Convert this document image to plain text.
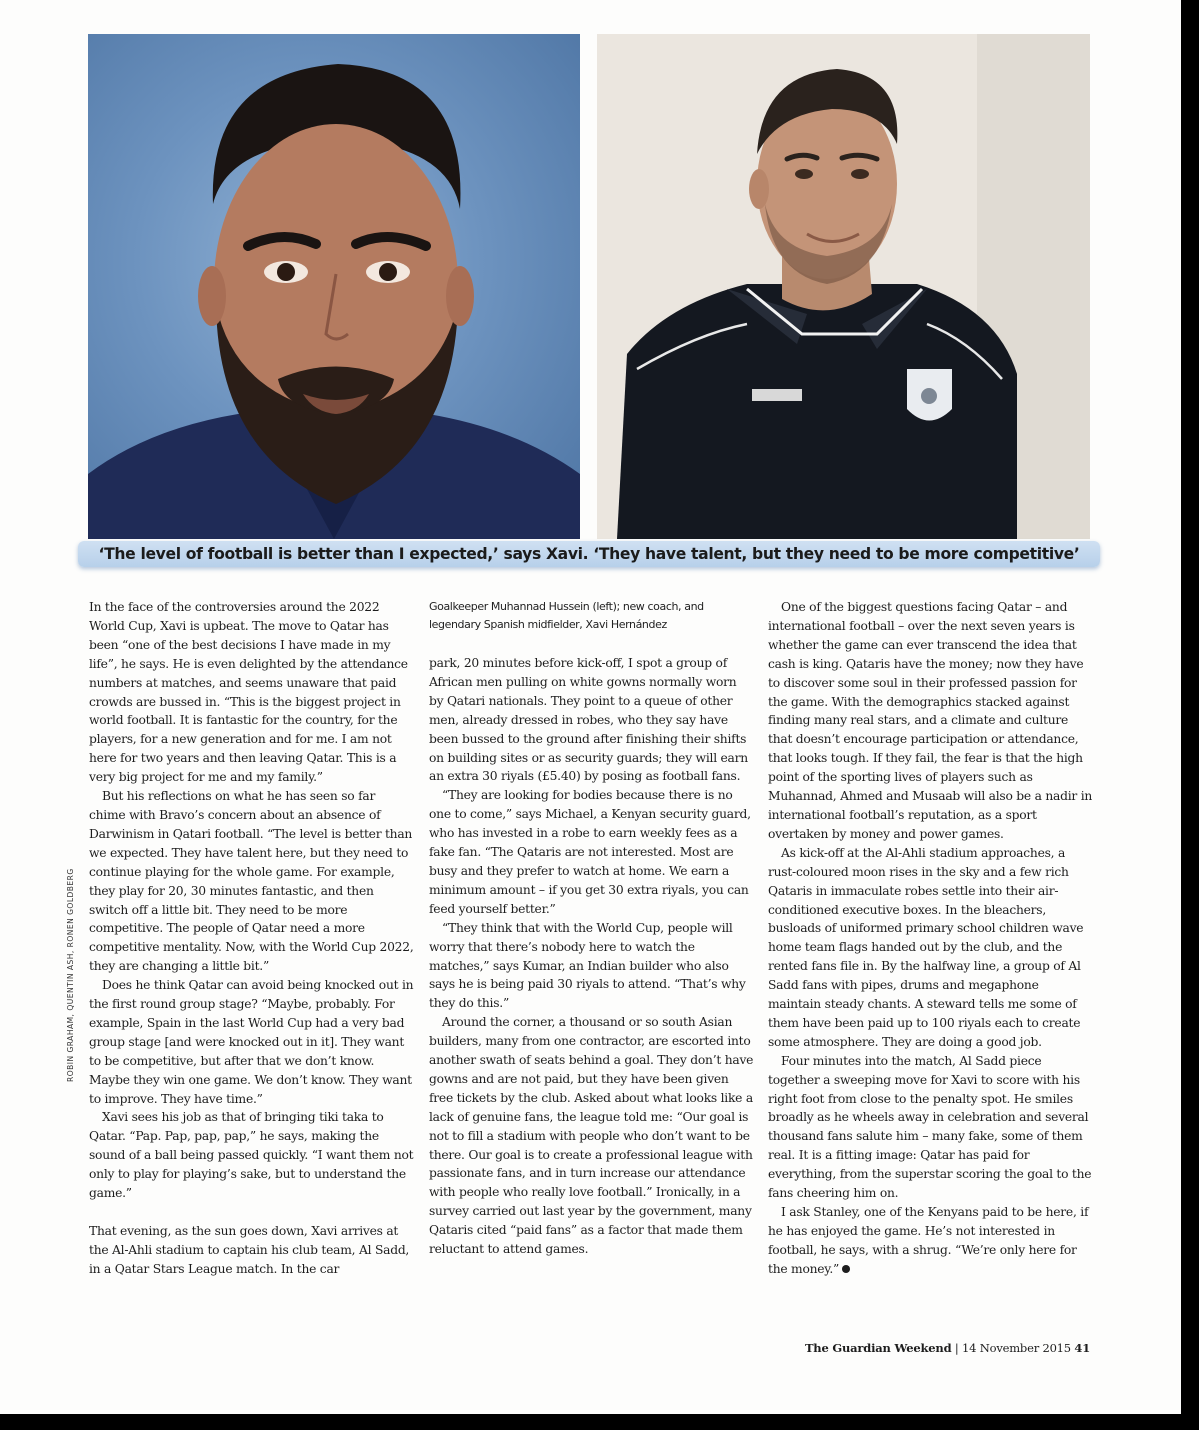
‘The level of football is better than I expected,’ says Xavi. ‘They have talent, but they need to be more competitive’
ROBIN GRAHAM, QUENTIN ASH, RONEN GOLDBERG

In the face of the controversies around the 2022 World Cup, Xavi is upbeat. The move to Qatar has been “one of the best decisions I have made in my life”, he says. He is even delighted by the attendance numbers at matches, and seems unaware that paid crowds are bussed in. “This is the biggest project in world football. It is fantastic for the country, for the players, for a new generation and for me. I am not here for two years and then leaving Qatar. This is a very big project for me and my family.”

But his reflections on what he has seen so far chime with Bravo’s concern about an absence of Darwinism in Qatari football. “The level is better than we expected. They have talent here, but they need to continue playing for the whole game. For example, they play for 20, 30 minutes fantastic, and then switch off a little bit. They need to be more competitive. The people of Qatar need a more competitive mentality. Now, with the World Cup 2022, they are changing a little bit.”

Does he think Qatar can avoid being knocked out in the first round group stage? “Maybe, probably. For example, Spain in the last World Cup had a very bad group stage [and were knocked out in it]. They want to be competitive, but after that we don’t know. Maybe they win one game. We don’t know. They want to improve. They have time.”

Xavi sees his job as that of bringing tiki taka to Qatar. “Pap. Pap, pap, pap,” he says, making the sound of a ball being passed quickly. “I want them not only to play for playing’s sake, but to understand the game.”

That evening, as the sun goes down, Xavi arrives at the Al-Ahli stadium to captain his club team, Al Sadd, in a Qatar Stars League match. In the car

Goalkeeper Muhannad Hussein (left); new coach, and legendary Spanish midfielder, Xavi Hernández

park, 20 minutes before kick-off, I spot a group of African men pulling on white gowns normally worn by Qatari nationals. They point to a queue of other men, already dressed in robes, who they say have been bussed to the ground after finishing their shifts on building sites or as security guards; they will earn an extra 30 riyals (£5.40) by posing as football fans.

“They are looking for bodies because there is no one to come,” says Michael, a Kenyan security guard, who has invested in a robe to earn weekly fees as a fake fan. “The Qataris are not interested. Most are busy and they prefer to watch at home. We earn a minimum amount – if you get 30 extra riyals, you can feed yourself better.”

“They think that with the World Cup, people will worry that there’s nobody here to watch the matches,” says Kumar, an Indian builder who also says he is being paid 30 riyals to attend. “That’s why they do this.”

Around the corner, a thousand or so south Asian builders, many from one contractor, are escorted into another swath of seats behind a goal. They don’t have gowns and are not paid, but they have been given free tickets by the club. Asked about what looks like a lack of genuine fans, the league told me: “Our goal is not to fill a stadium with people who don’t want to be there. Our goal is to create a professional league with passionate fans, and in turn increase our attendance with people who really love football.” Ironically, in a survey carried out last year by the government, many Qataris cited “paid fans” as a factor that made them reluctant to attend games.

One of the biggest questions facing Qatar – and international football – over the next seven years is whether the game can ever transcend the idea that cash is king. Qataris have the money; now they have to discover some soul in their professed passion for the game. With the demographics stacked against finding many real stars, and a climate and culture that doesn’t encourage participation or attendance, that looks tough. If they fail, the fear is that the high point of the sporting lives of players such as Muhannad, Ahmed and Musaab will also be a nadir in international football’s reputation, as a sport overtaken by money and power games.

As kick-off at the Al-Ahli stadium approaches, a rust-coloured moon rises in the sky and a few rich Qataris in immaculate robes settle into their air-conditioned executive boxes. In the bleachers, busloads of uniformed primary school children wave home team flags handed out by the club, and the rented fans file in. By the halfway line, a group of Al Sadd fans with pipes, drums and megaphone maintain steady chants. A steward tells me some of them have been paid up to 100 riyals each to create some atmosphere. They are doing a good job.

Four minutes into the match, Al Sadd piece together a sweeping move for Xavi to score with his right foot from close to the penalty spot. He smiles broadly as he wheels away in celebration and several thousand fans salute him – many fake, some of them real. It is a fitting image: Qatar has paid for everything, from the superstar scoring the goal to the fans cheering him on.

I ask Stanley, one of the Kenyans paid to be here, if he has enjoyed the game. He’s not interested in football, he says, with a shrug. “We’re only here for the money.”

The Guardian Weekend | 14 November 2015 41
